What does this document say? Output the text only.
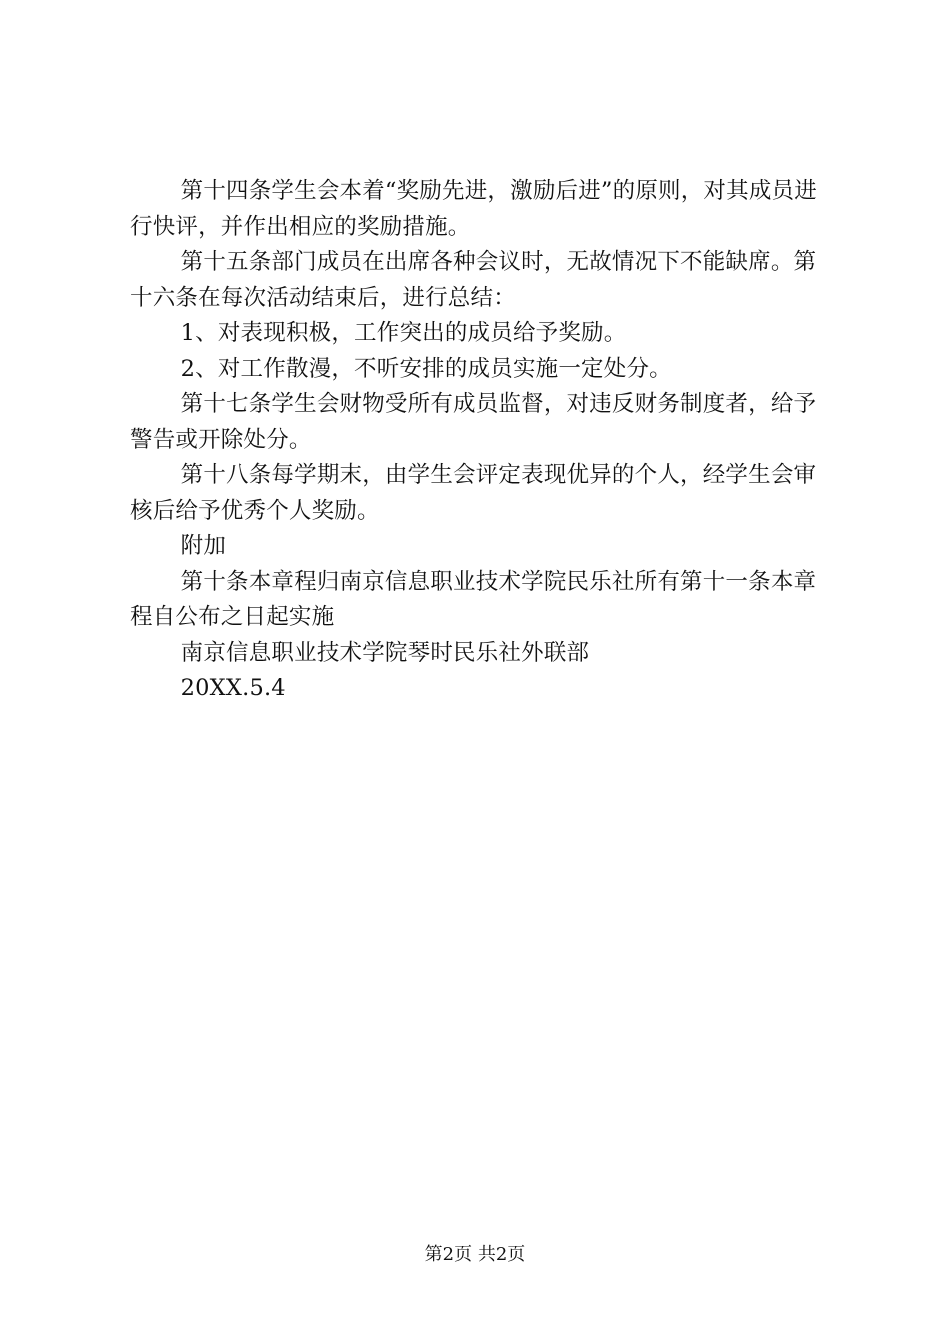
第十四条学生会本着“奖励先进，激励后进”的原则，对其成员进行快评，并作出相应的奖励措施。

第十五条部门成员在出席各种会议时，无故情况下不能缺席。第十六条在每次活动结束后，进行总结：

1、对表现积极，工作突出的成员给予奖励。

2、对工作散漫，不听安排的成员实施一定处分。

第十七条学生会财物受所有成员监督，对违反财务制度者，给予警告或开除处分。

第十八条每学期末，由学生会评定表现优异的个人，经学生会审核后给予优秀个人奖励。

附加

第十条本章程归南京信息职业技术学院民乐社所有第十一条本章程自公布之日起实施

南京信息职业技术学院琴时民乐社外联部

20XX.5.4

第2页 共2页
